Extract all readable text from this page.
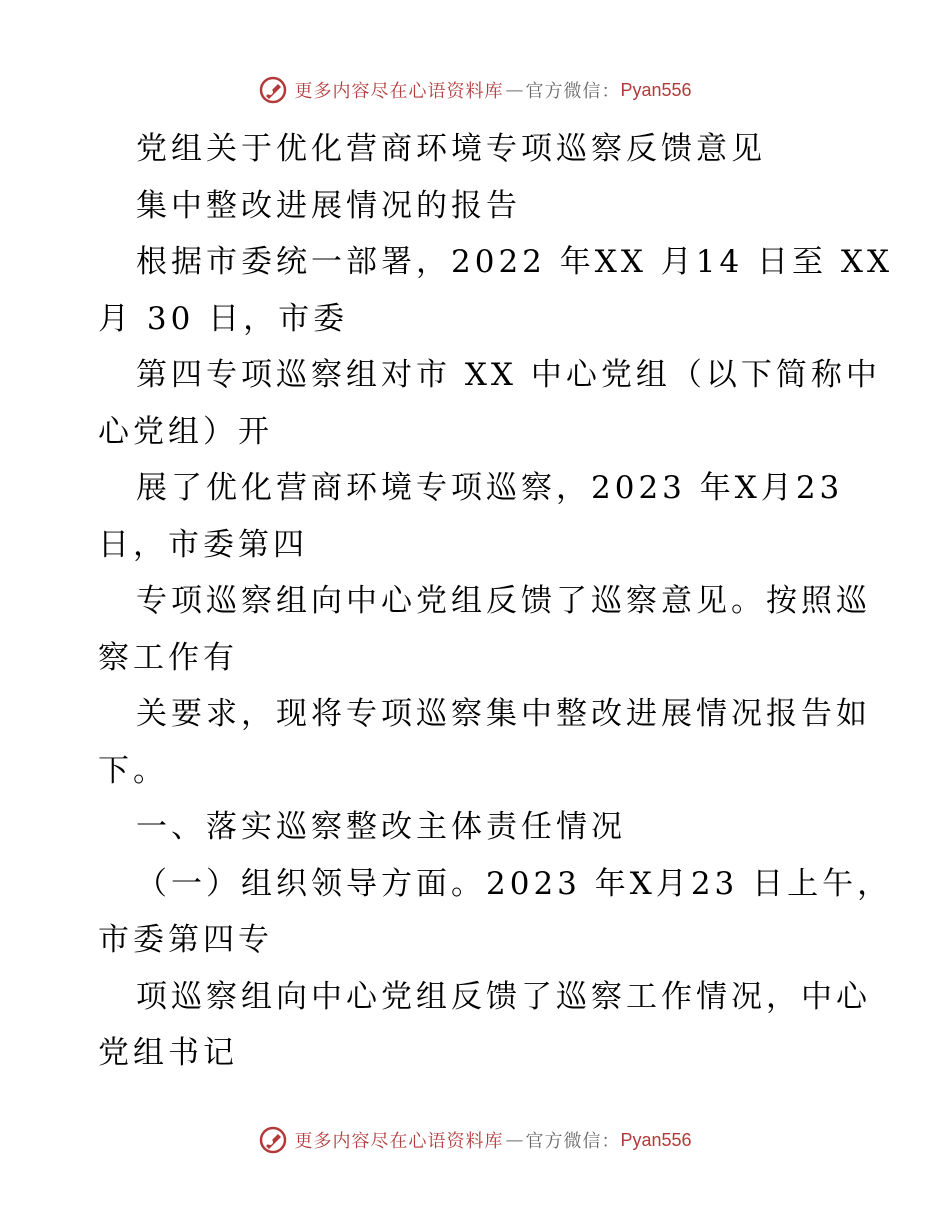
更多内容尽在心语资料库 — 官方微信： Pyan556
党组关于优化营商环境专项巡察反馈意见
集中整改进展情况的报告
根据市委统一部署，2022 年XX 月14 日至 XX
月 30 日，市委
第四专项巡察组对市 XX 中心党组（以下简称中
心党组）开
展了优化营商环境专项巡察，2023 年X月23
日，市委第四
专项巡察组向中心党组反馈了巡察意见。按照巡
察工作有
关要求，现将专项巡察集中整改进展情况报告如
下。
一、落实巡察整改主体责任情况
（一）组织领导方面。2023 年X月23 日上午，
市委第四专
项巡察组向中心党组反馈了巡察工作情况，中心
党组书记
更多内容尽在心语资料库 — 官方微信： Pyan556
